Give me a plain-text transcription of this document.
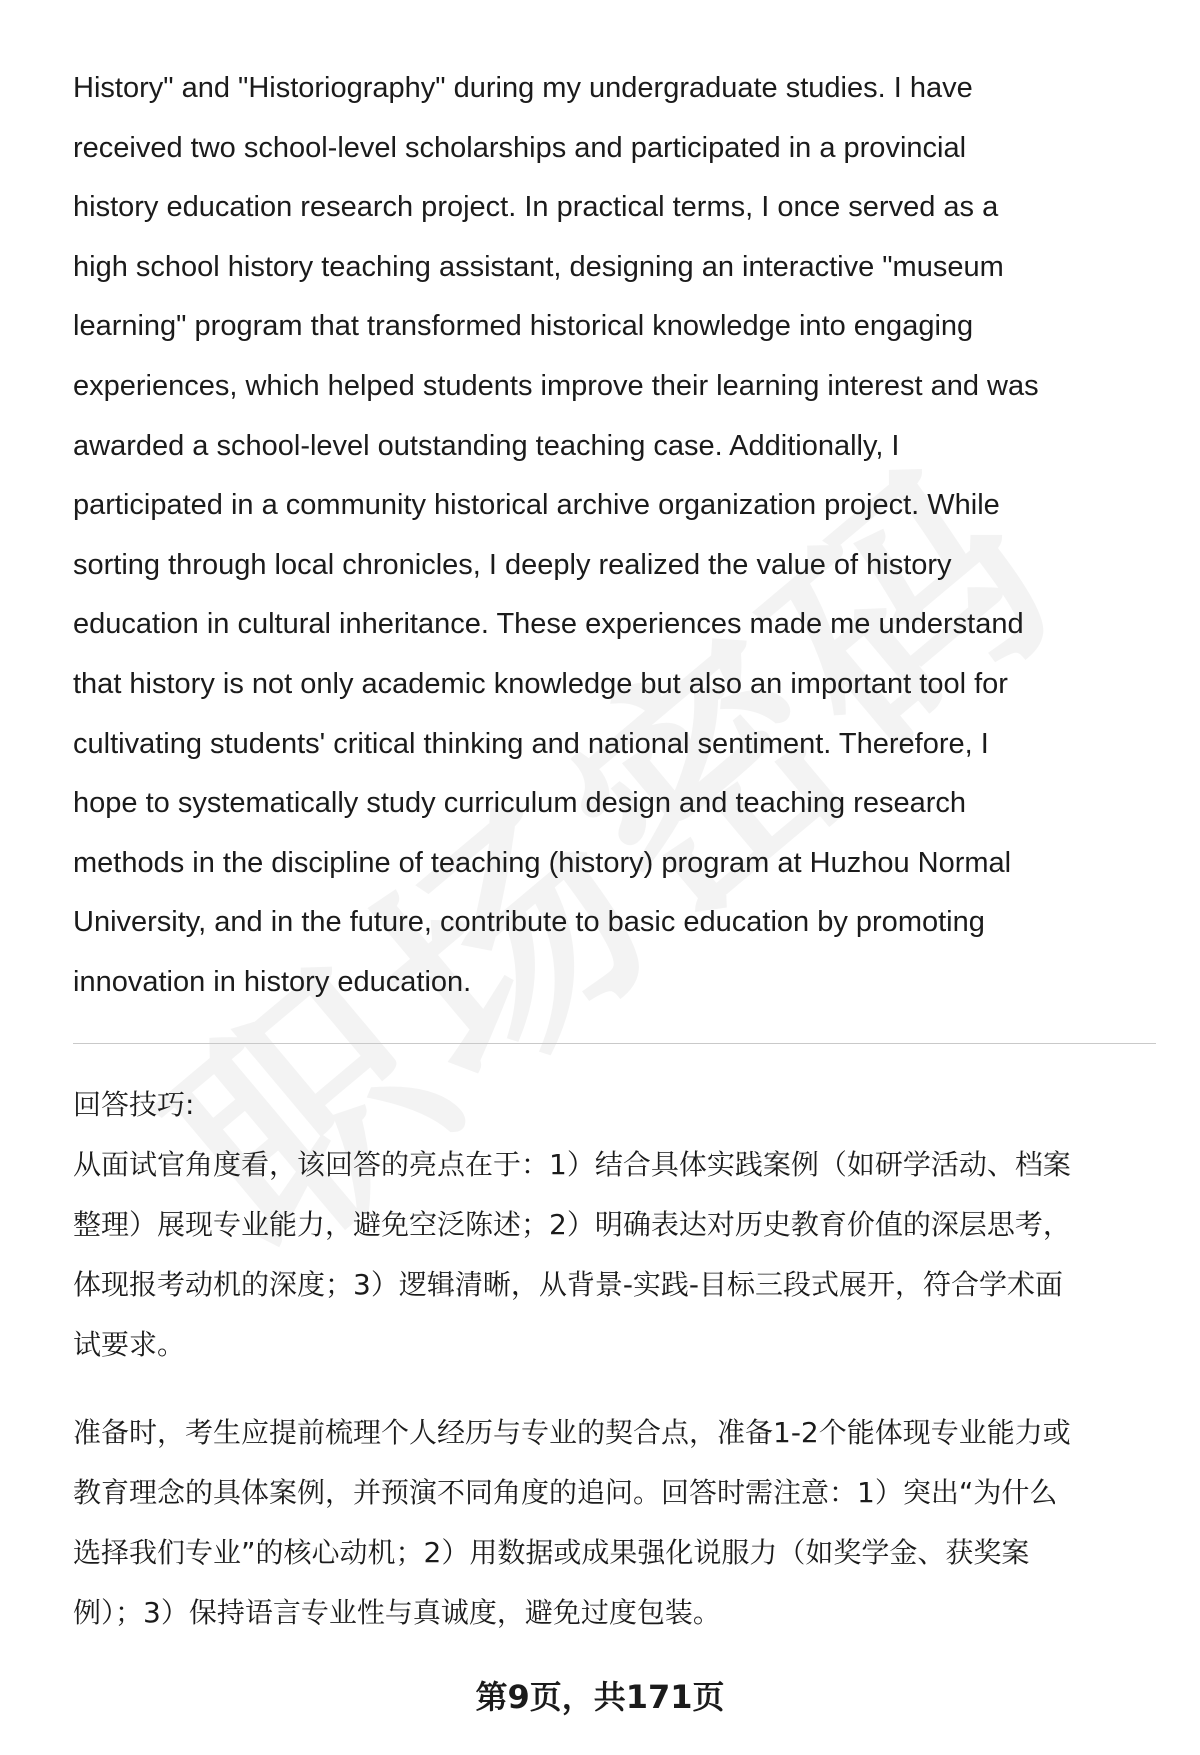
History" and "Historiography" during my undergraduate studies. I have
received two school-level scholarships and participated in a provincial
history education research project. In practical terms, I once served as a
high school history teaching assistant, designing an interactive "museum
learning" program that transformed historical knowledge into engaging
experiences, which helped students improve their learning interest and was
awarded a school-level outstanding teaching case. Additionally, I
participated in a community historical archive organization project. While
sorting through local chronicles, I deeply realized the value of history
education in cultural inheritance. These experiences made me understand
that history is not only academic knowledge but also an important tool for
cultivating students' critical thinking and national sentiment. Therefore, I
hope to systematically study curriculum design and teaching research
methods in the discipline of teaching (history) program at Huzhou Normal
University, and in the future, contribute to basic education by promoting
innovation in history education.
回答技巧:
从面试官角度看，该回答的亮点在于：1）结合具体实践案例（如研学活动、档案
整理）展现专业能力，避免空泛陈述；2）明确表达对历史教育价值的深层思考，
体现报考动机的深度；3）逻辑清晰，从背景-实践-目标三段式展开，符合学术面
试要求。
准备时，考生应提前梳理个人经历与专业的契合点，准备1-2个能体现专业能力或
教育理念的具体案例，并预演不同角度的追问。回答时需注意：1）突出“为什么
选择我们专业”的核心动机；2）用数据或成果强化说服力（如奖学金、获奖案
例）；3）保持语言专业性与真诚度，避免过度包装。
第9页，共171页
